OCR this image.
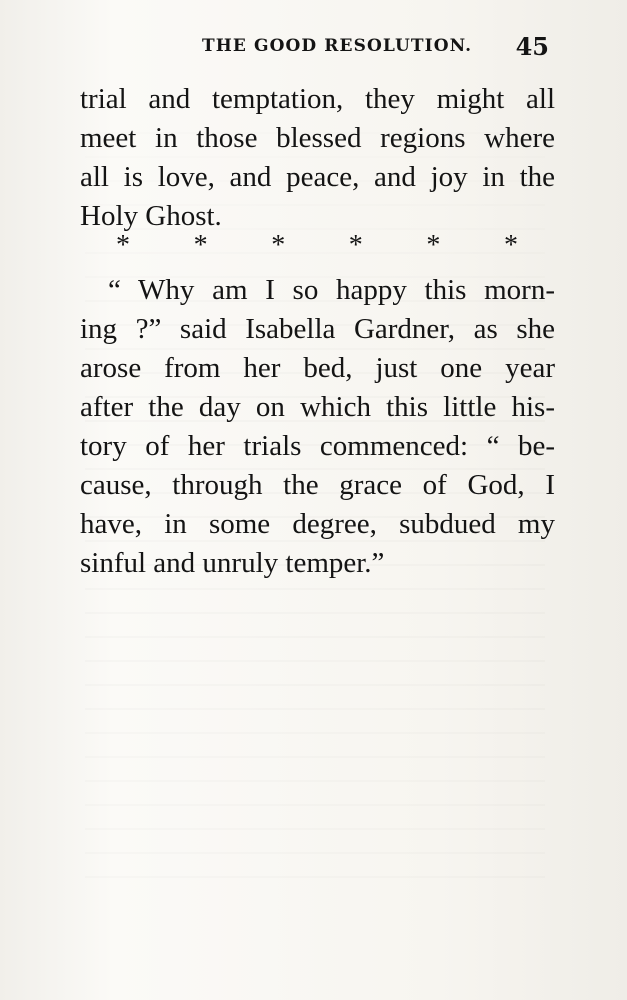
THE GOOD RESOLUTION. 45
trial and temptation, they might all
meet in those blessed regions where
all is love, and peace, and joy in the
Holy Ghost.
* * * * * *
“ Why am I so happy this morn-
ing ?” said Isabella Gardner, as she
arose from her bed, just one year
after the day on which this little his-
tory of her trials commenced: “ be-
cause, through the grace of God, I
have, in some degree, subdued my
sinful and unruly temper.”
